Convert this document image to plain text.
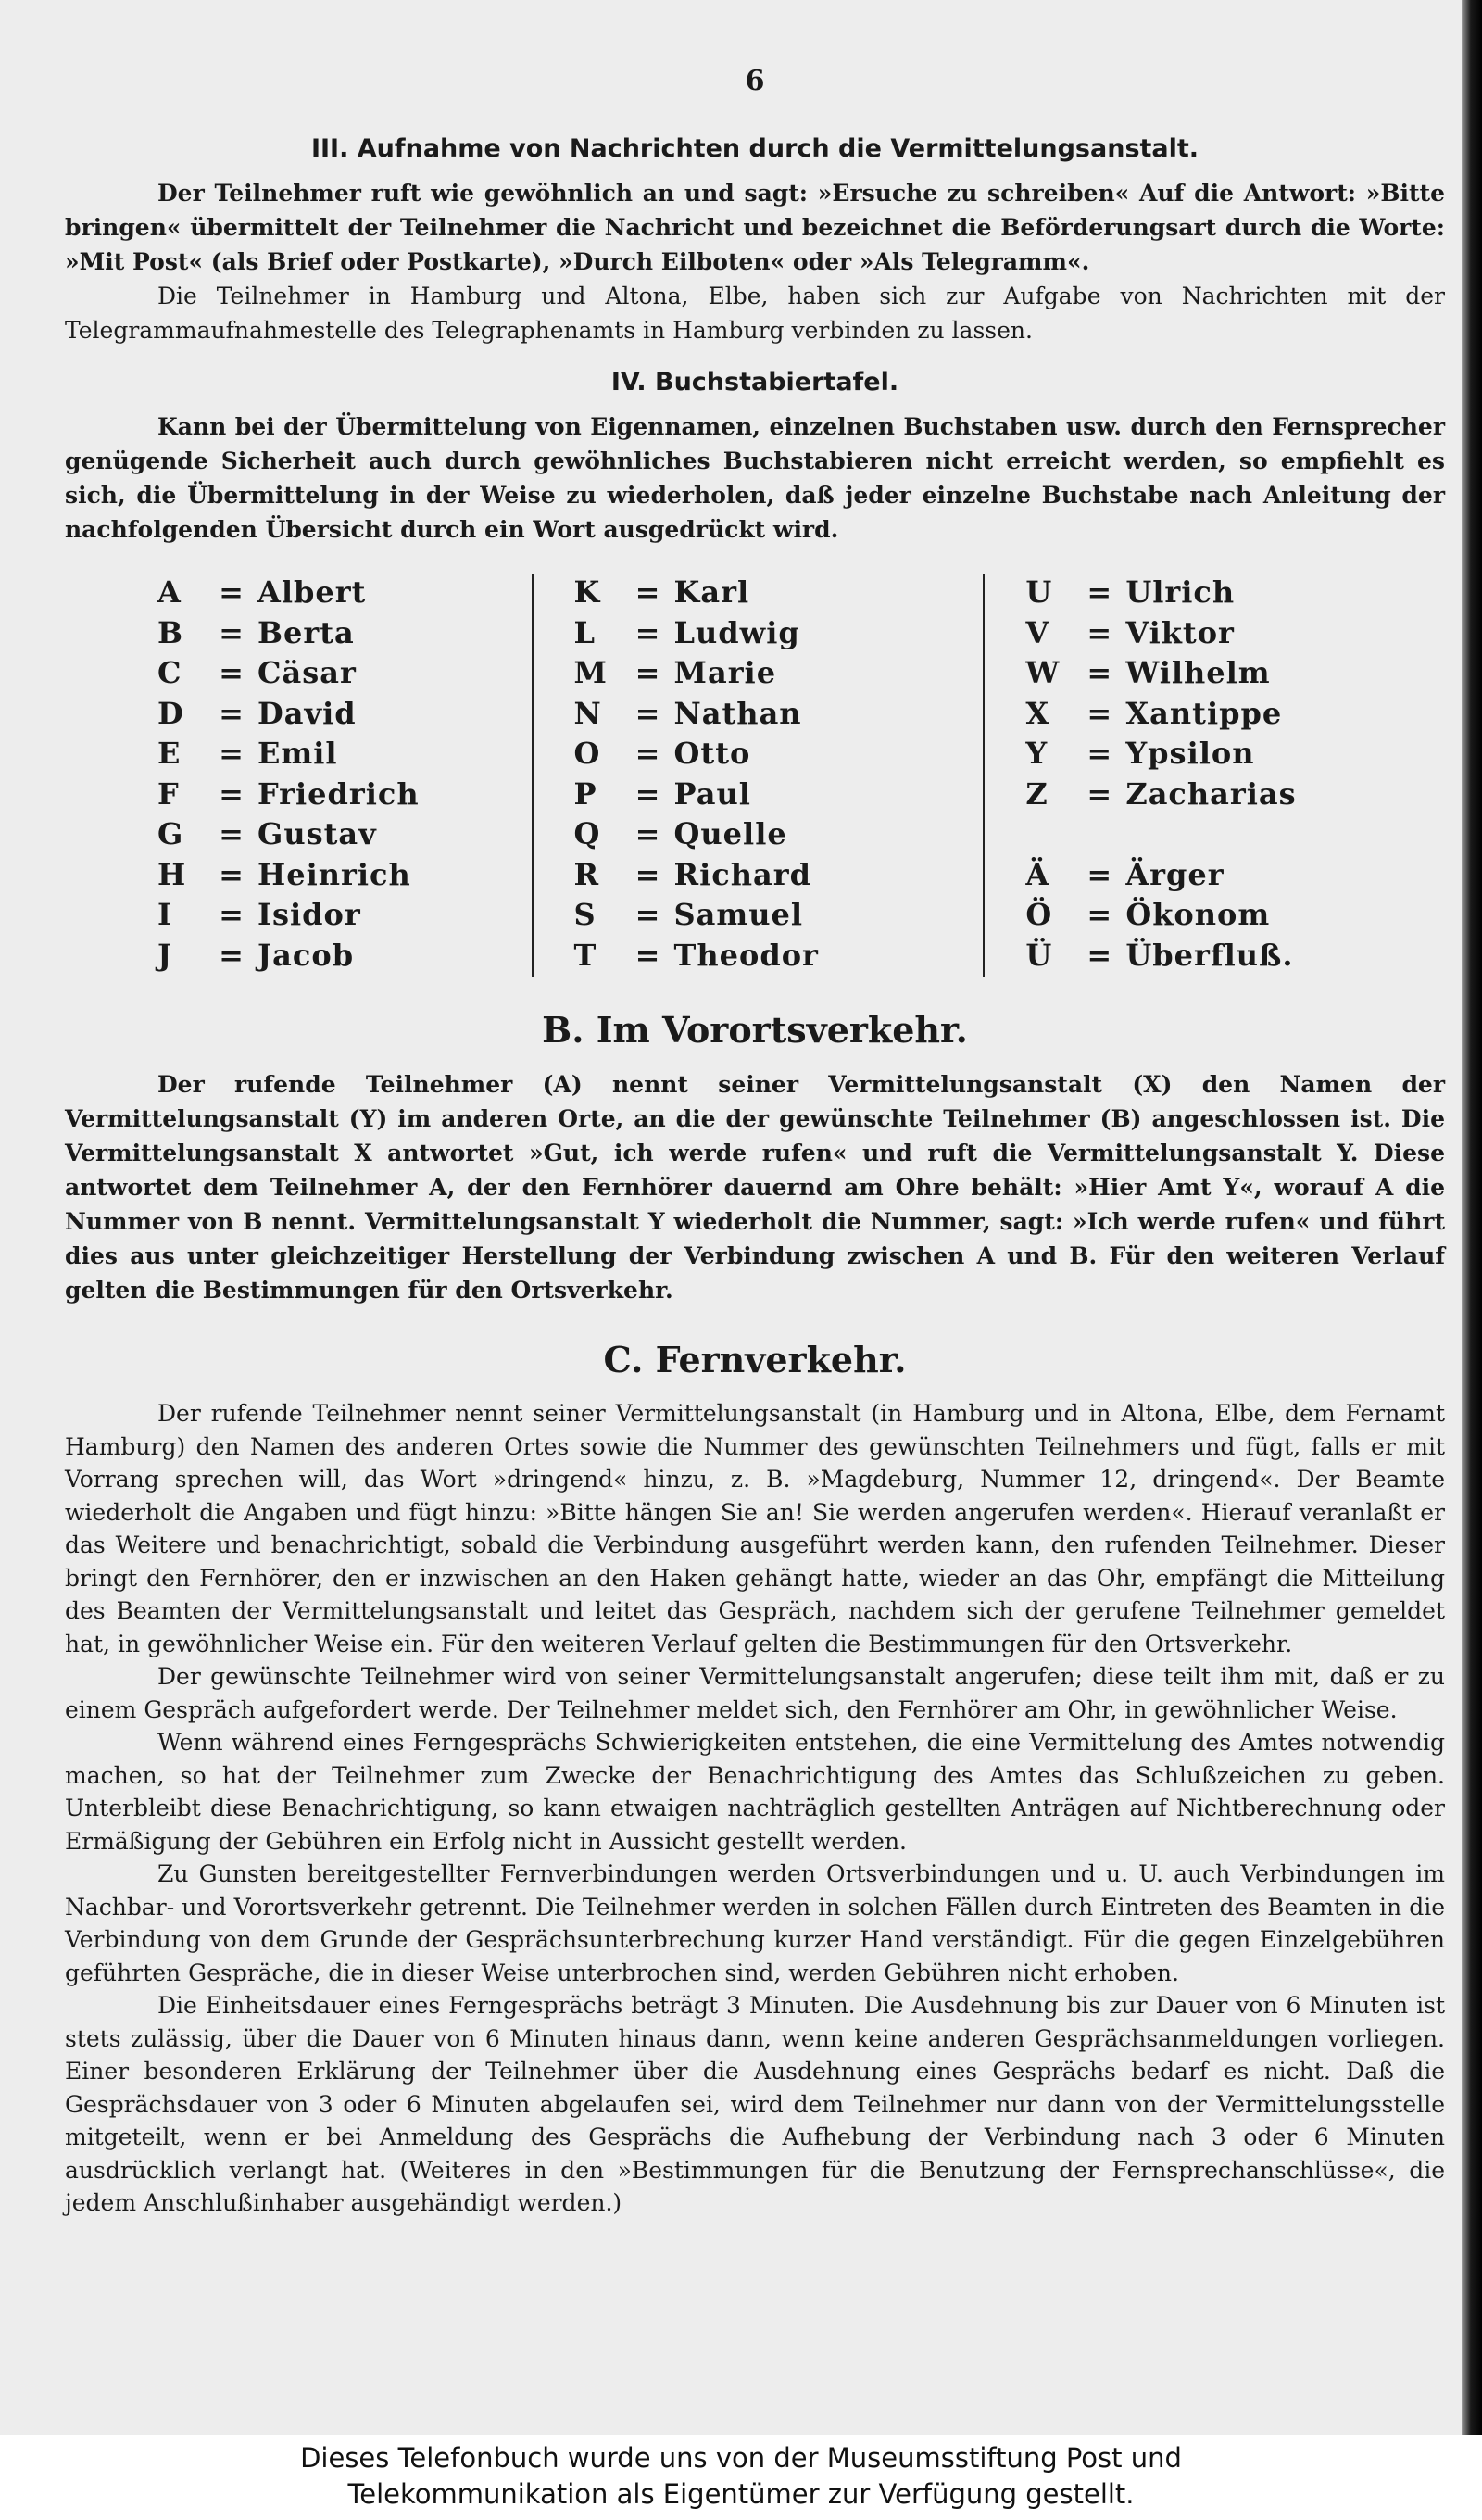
6
III. Aufnahme von Nachrichten durch die Vermittelungsanstalt.

Der Teilnehmer ruft wie gewöhnlich an und sagt: »Ersuche zu schreiben« Auf die Antwort: »Bitte bringen« übermittelt der Teilnehmer die Nachricht und bezeichnet die Beförderungsart durch die Worte: »Mit Post« (als Brief oder Postkarte), »Durch Eilboten« oder »Als Telegramm«.

Die Teilnehmer in Hamburg und Altona, Elbe, haben sich zur Aufgabe von Nachrichten mit der Telegrammaufnahmestelle des Telegraphenamts in Hamburg verbinden zu lassen.

IV. Buchstabiertafel.

Kann bei der Übermittelung von Eigennamen, einzelnen Buchstaben usw. durch den Fernsprecher genügende Sicherheit auch durch gewöhnliches Buchstabieren nicht erreicht werden, so empfiehlt es sich, die Übermittelung in der Weise zu wiederholen, daß jeder einzelne Buchstabe nach Anleitung der nachfolgenden Übersicht durch ein Wort ausgedrückt wird.

A	= Albert
B	= Berta
C	= Cäsar
D	= David
E	= Emil
F	= Friedrich
G	= Gustav
H	= Heinrich
I	= Isidor
J	= Jacob
K	= Karl
L	= Ludwig
M = Marie
N	= Nathan
O	= Otto
P	= Paul
Q	= Quelle
R	= Richard
S	= Samuel
T	= Theodor
U	= Ulrich
V	= Viktor
W = Wilhelm
X	= Xantippe
Y	= Ypsilon
Z	= Zacharias
Ä	= Ärger
Ö	= Ökonom
Ü	= Überfluß.
B. Im Vorortsverkehr.

Der rufende Teilnehmer (A) nennt seiner Vermittelungsanstalt (X) den Namen der Vermittelungsanstalt (Y) im anderen Orte, an die der gewünschte Teilnehmer (B) angeschlossen ist. Die Vermittelungsanstalt X antwortet »Gut, ich werde rufen« und ruft die Vermittelungsanstalt Y. Diese antwortet dem Teilnehmer A, der den Fernhörer dauernd am Ohre behält: »Hier Amt Y«, worauf A die Nummer von B nennt. Vermittelungsanstalt Y wiederholt die Nummer, sagt: »Ich werde rufen« und führt dies aus unter gleichzeitiger Herstellung der Verbindung zwischen A und B. Für den weiteren Verlauf gelten die Bestimmungen für den Ortsverkehr.

C. Fernverkehr.

Der rufende Teilnehmer nennt seiner Vermittelungsanstalt (in Hamburg und in Altona, Elbe, dem Fernamt Hamburg) den Namen des anderen Ortes sowie die Nummer des gewünschten Teilnehmers und fügt, falls er mit Vorrang sprechen will, das Wort »dringend« hinzu, z. B. »Magdeburg, Nummer 12, dringend«. Der Beamte wiederholt die Angaben und fügt hinzu: »Bitte hängen Sie an! Sie werden angerufen werden«. Hierauf veranlaßt er das Weitere und benachrichtigt, sobald die Verbindung ausgeführt werden kann, den rufenden Teilnehmer. Dieser bringt den Fernhörer, den er inzwischen an den Haken gehängt hatte, wieder an das Ohr, empfängt die Mitteilung des Beamten der Vermittelungsanstalt und leitet das Gespräch, nachdem sich der gerufene Teilnehmer gemeldet hat, in gewöhnlicher Weise ein. Für den weiteren Verlauf gelten die Bestimmungen für den Ortsverkehr.

Der gewünschte Teilnehmer wird von seiner Vermittelungsanstalt angerufen; diese teilt ihm mit, daß er zu einem Gespräch aufgefordert werde. Der Teilnehmer meldet sich, den Fernhörer am Ohr, in gewöhnlicher Weise.

Wenn während eines Ferngesprächs Schwierigkeiten entstehen, die eine Vermittelung des Amtes notwendig machen, so hat der Teilnehmer zum Zwecke der Benachrichtigung des Amtes das Schlußzeichen zu geben. Unterbleibt diese Benachrichtigung, so kann etwaigen nachträglich gestellten Anträgen auf Nichtberechnung oder Ermäßigung der Gebühren ein Erfolg nicht in Aussicht gestellt werden.

Zu Gunsten bereitgestellter Fernverbindungen werden Ortsverbindungen und u. U. auch Verbindungen im Nachbar- und Vorortsverkehr getrennt. Die Teilnehmer werden in solchen Fällen durch Eintreten des Beamten in die Verbindung von dem Grunde der Gesprächsunterbrechung kurzer Hand verständigt. Für die gegen Einzelgebühren geführten Gespräche, die in dieser Weise unterbrochen sind, werden Gebühren nicht erhoben.

Die Einheitsdauer eines Ferngesprächs beträgt 3 Minuten. Die Ausdehnung bis zur Dauer von 6 Minuten ist stets zulässig, über die Dauer von 6 Minuten hinaus dann, wenn keine anderen Gesprächsanmeldungen vorliegen. Einer besonderen Erklärung der Teilnehmer über die Ausdehnung eines Gesprächs bedarf es nicht. Daß die Gesprächsdauer von 3 oder 6 Minuten abgelaufen sei, wird dem Teilnehmer nur dann von der Vermittelungsstelle mitgeteilt, wenn er bei Anmeldung des Gesprächs die Aufhebung der Verbindung nach 3 oder 6 Minuten ausdrücklich verlangt hat. (Weiteres in den »Bestimmungen für die Benutzung der Fernsprechanschlüsse«, die jedem Anschlußinhaber ausgehändigt werden.)

Dieses Telefonbuch wurde uns von der Museumsstiftung Post und
Telekommunikation als Eigentümer zur Verfügung gestellt.
